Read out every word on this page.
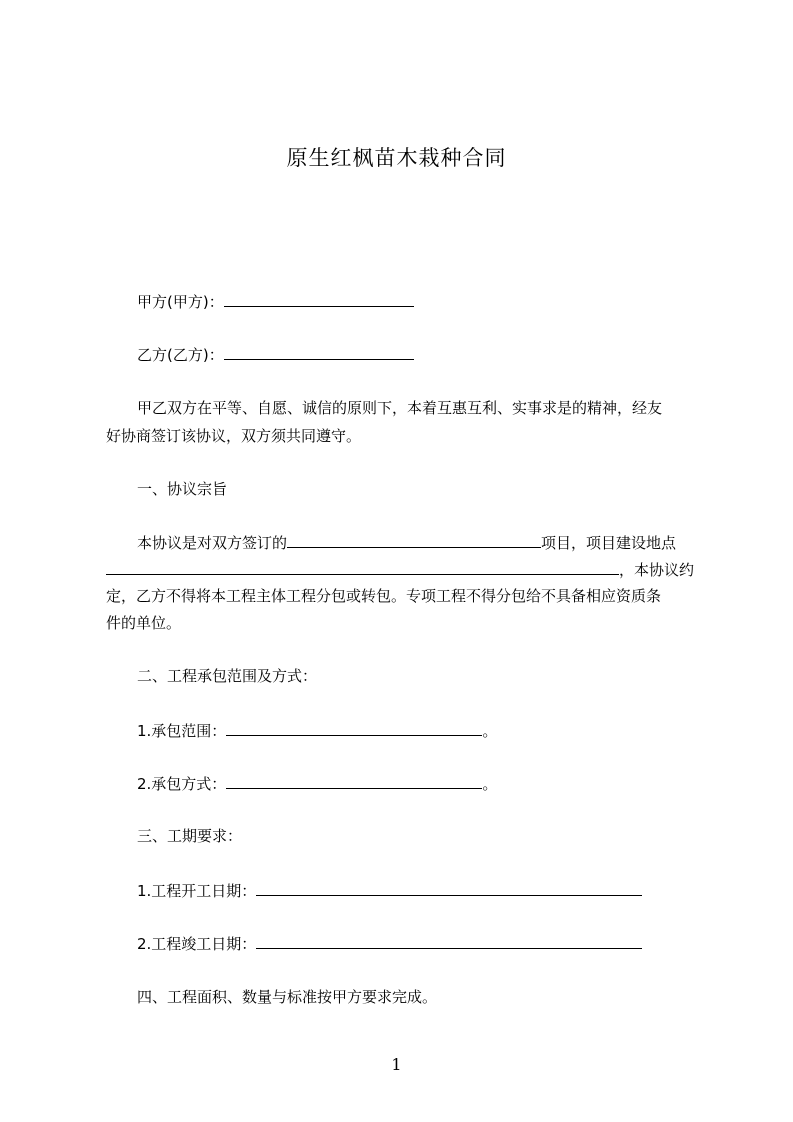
原生红枫苗木栽种合同
甲方(甲方)：
乙方(乙方)：
甲乙双方在平等、自愿、诚信的原则下，本着互惠互利、实事求是的精神，经友
好协商签订该协议，双方须共同遵守。
一、协议宗旨
本协议是对双方签订的	项目，项目建设地点
，本协议约
定，乙方不得将本工程主体工程分包或转包。专项工程不得分包给不具备相应资质条
件的单位。
二、工程承包范围及方式：
1.承包范围：	。
2.承包方式：	。
三、工期要求：
1.工程开工日期：
2.工程竣工日期：
四、工程面积、数量与标准按甲方要求完成。
1
